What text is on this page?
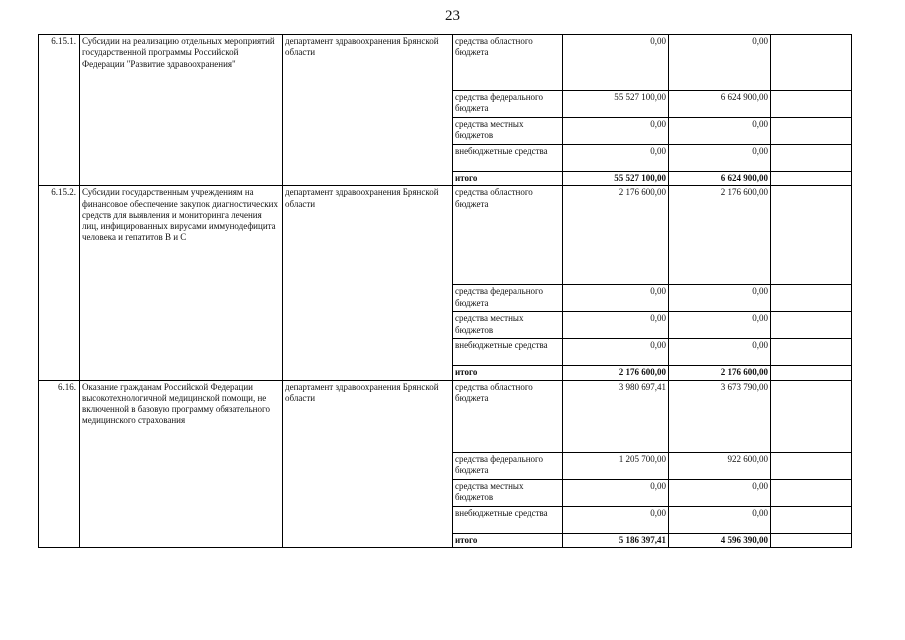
23
6.15.1.	Субсидии на реализацию отдельных мероприятий государственной программы Российской Федерации "Развитие здравоохранения"	департамент здравоохранения Брянской области	средства областного бюджета	0,00	0,00	
			средства федерального бюджета	55 527 100,00	6 624 900,00	
			средства местных бюджетов	0,00	0,00	
			внебюджетные средства	0,00	0,00	
			итого	55 527 100,00	6 624 900,00	
6.15.2.	Субсидии государственным учреждениям на финансовое обеспечение закупок диагностических средств для выявления и мониторинга лечения лиц, инфицированных вирусами иммунодефицита человека и гепатитов В и С	департамент здравоохранения Брянской области	средства областного бюджета	2 176 600,00	2 176 600,00	
			средства федерального бюджета	0,00	0,00	
			средства местных бюджетов	0,00	0,00	
			внебюджетные средства	0,00	0,00	
			итого	2 176 600,00	2 176 600,00	
6.16.	Оказание гражданам Российской Федерации высокотехнологичной медицинской помощи, не включенной в базовую программу обязательного медицинского страхования	департамент здравоохранения Брянской области	средства областного бюджета	3 980 697,41	3 673 790,00	
			средства федерального бюджета	1 205 700,00	922 600,00	
			средства местных бюджетов	0,00	0,00	
			внебюджетные средства	0,00	0,00	
			итого	5 186 397,41	4 596 390,00	
